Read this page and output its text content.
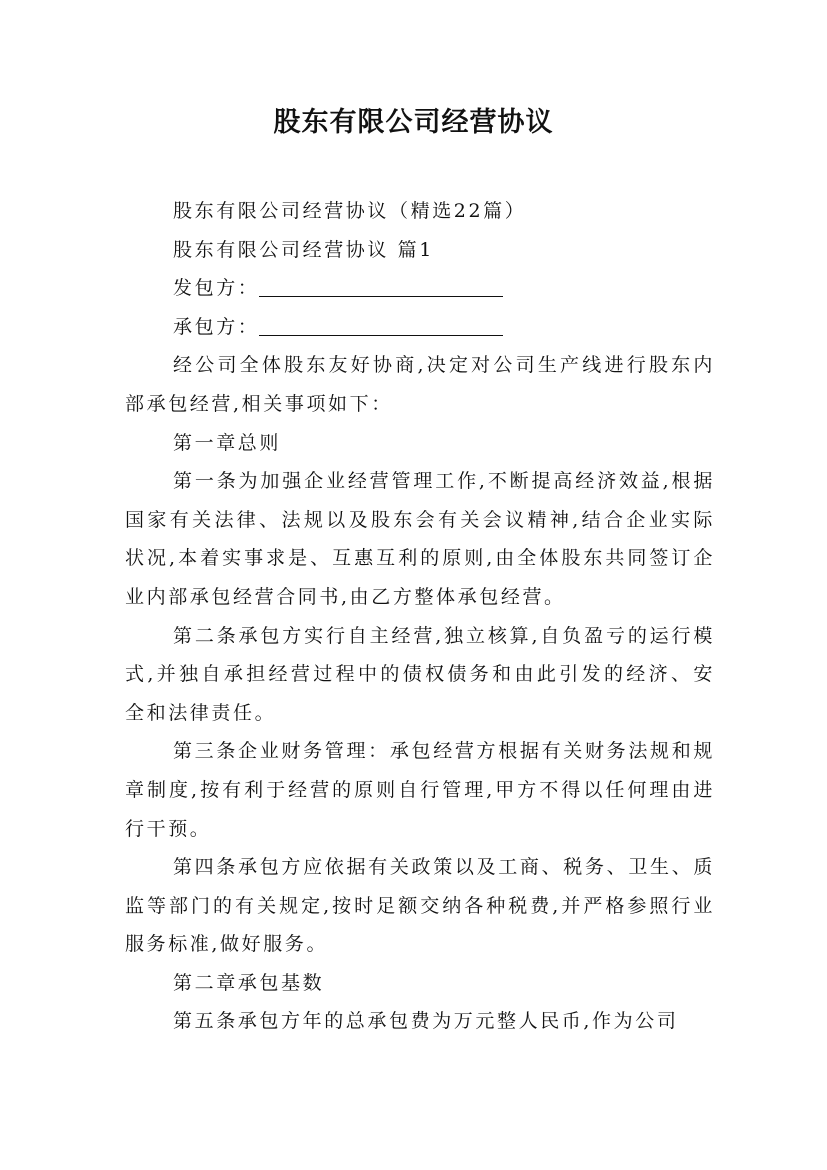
股东有限公司经营协议

股东有限公司经营协议（精选22篇）

股东有限公司经营协议 篇1

发包方：

承包方：

经公司全体股东友好协商,决定对公司生产线进行股东内部承包经营,相关事项如下：

第一章总则

第一条为加强企业经营管理工作,不断提高经济效益,根据国家有关法律、法规以及股东会有关会议精神,结合企业实际状况,本着实事求是、互惠互利的原则,由全体股东共同签订企业内部承包经营合同书,由乙方整体承包经营。

第二条承包方实行自主经营,独立核算,自负盈亏的运行模式,并独自承担经营过程中的债权债务和由此引发的经济、安全和法律责任。

第三条企业财务管理：承包经营方根据有关财务法规和规章制度,按有利于经营的原则自行管理,甲方不得以任何理由进行干预。

第四条承包方应依据有关政策以及工商、税务、卫生、质监等部门的有关规定,按时足额交纳各种税费,并严格参照行业服务标准,做好服务。

第二章承包基数

第五条承包方年的总承包费为万元整人民币,作为公司
